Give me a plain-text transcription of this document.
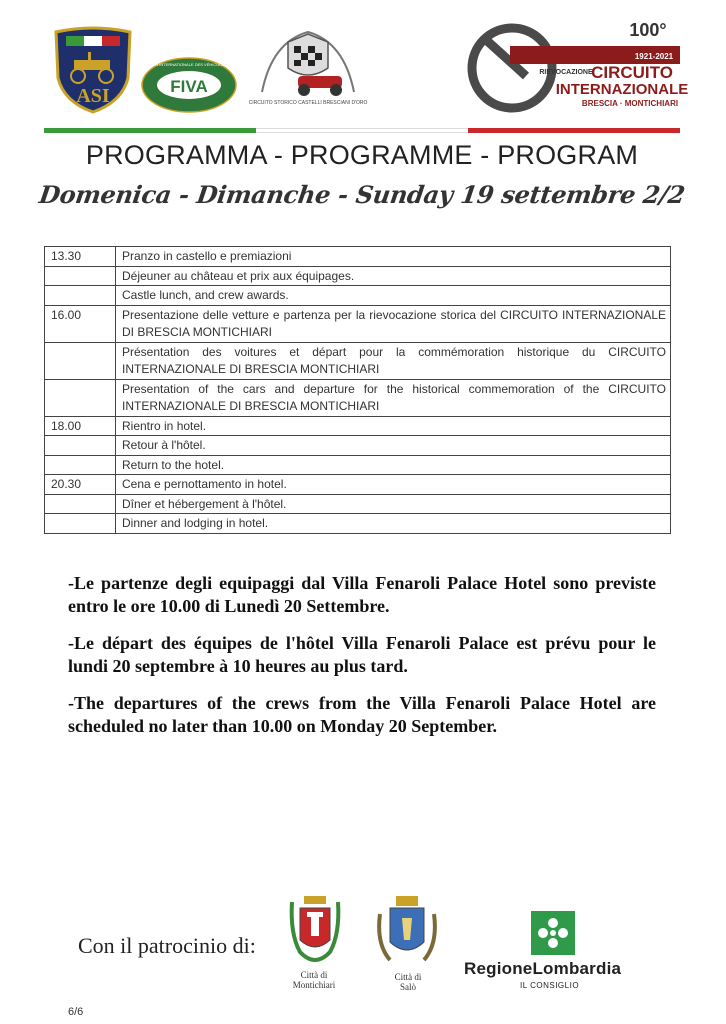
ASI	FIVA
FÉDÉRATION INTERNATIONALE DES VÉHICULES ANCIENS
CIRCUITO STORICO CASTELLI BRESCIANI D'ORO
100°
1921-2021
RIEVOCAZIONE
CIRCUITO
INTERNAZIONALE
BRESCIA · MONTICHIARI
PROGRAMMA - PROGRAMME - PROGRAM
Domenica - Dimanche - Sunday 19 settembre 2/2
13.30	Pranzo in castello e premiazioni
	Déjeuner au château et prix aux équipages.
	Castle lunch, and crew awards.
16.00	Presentazione delle vetture e partenza per la rievocazione storica del CIRCUITO INTERNAZIONALE DI BRESCIA MONTICHIARI
	Présentation des voitures et départ pour la commémoration historique du CIRCUITO INTERNAZIONALE DI BRESCIA MONTICHIARI
	Presentation of the cars and departure for the historical commemoration of the CIRCUITO INTERNAZIONALE DI BRESCIA MONTICHIARI
18.00	Rientro in hotel.
	Retour à l'hôtel.
	Return to the hotel.
20.30	Cena e pernottamento in hotel.
	Dîner et hébergement à l'hôtel.
	Dinner and lodging in hotel.

-Le partenze degli equipaggi dal Villa Fenaroli Palace Hotel sono previste entro le ore 10.00 di Lunedì 20 Settembre.

-Le départ des équipes de l'hôtel Villa Fenaroli Palace est prévu pour le lundi 20 septembre à 10 heures au plus tard.

-The departures of the crews from the Villa Fenaroli Palace Hotel are scheduled no later than 10.00 on Monday 20 September.

Con il patrocinio di:
Città di
Montichiari
Città di
Salò
RegioneLombardia
IL CONSIGLIO
6/6
